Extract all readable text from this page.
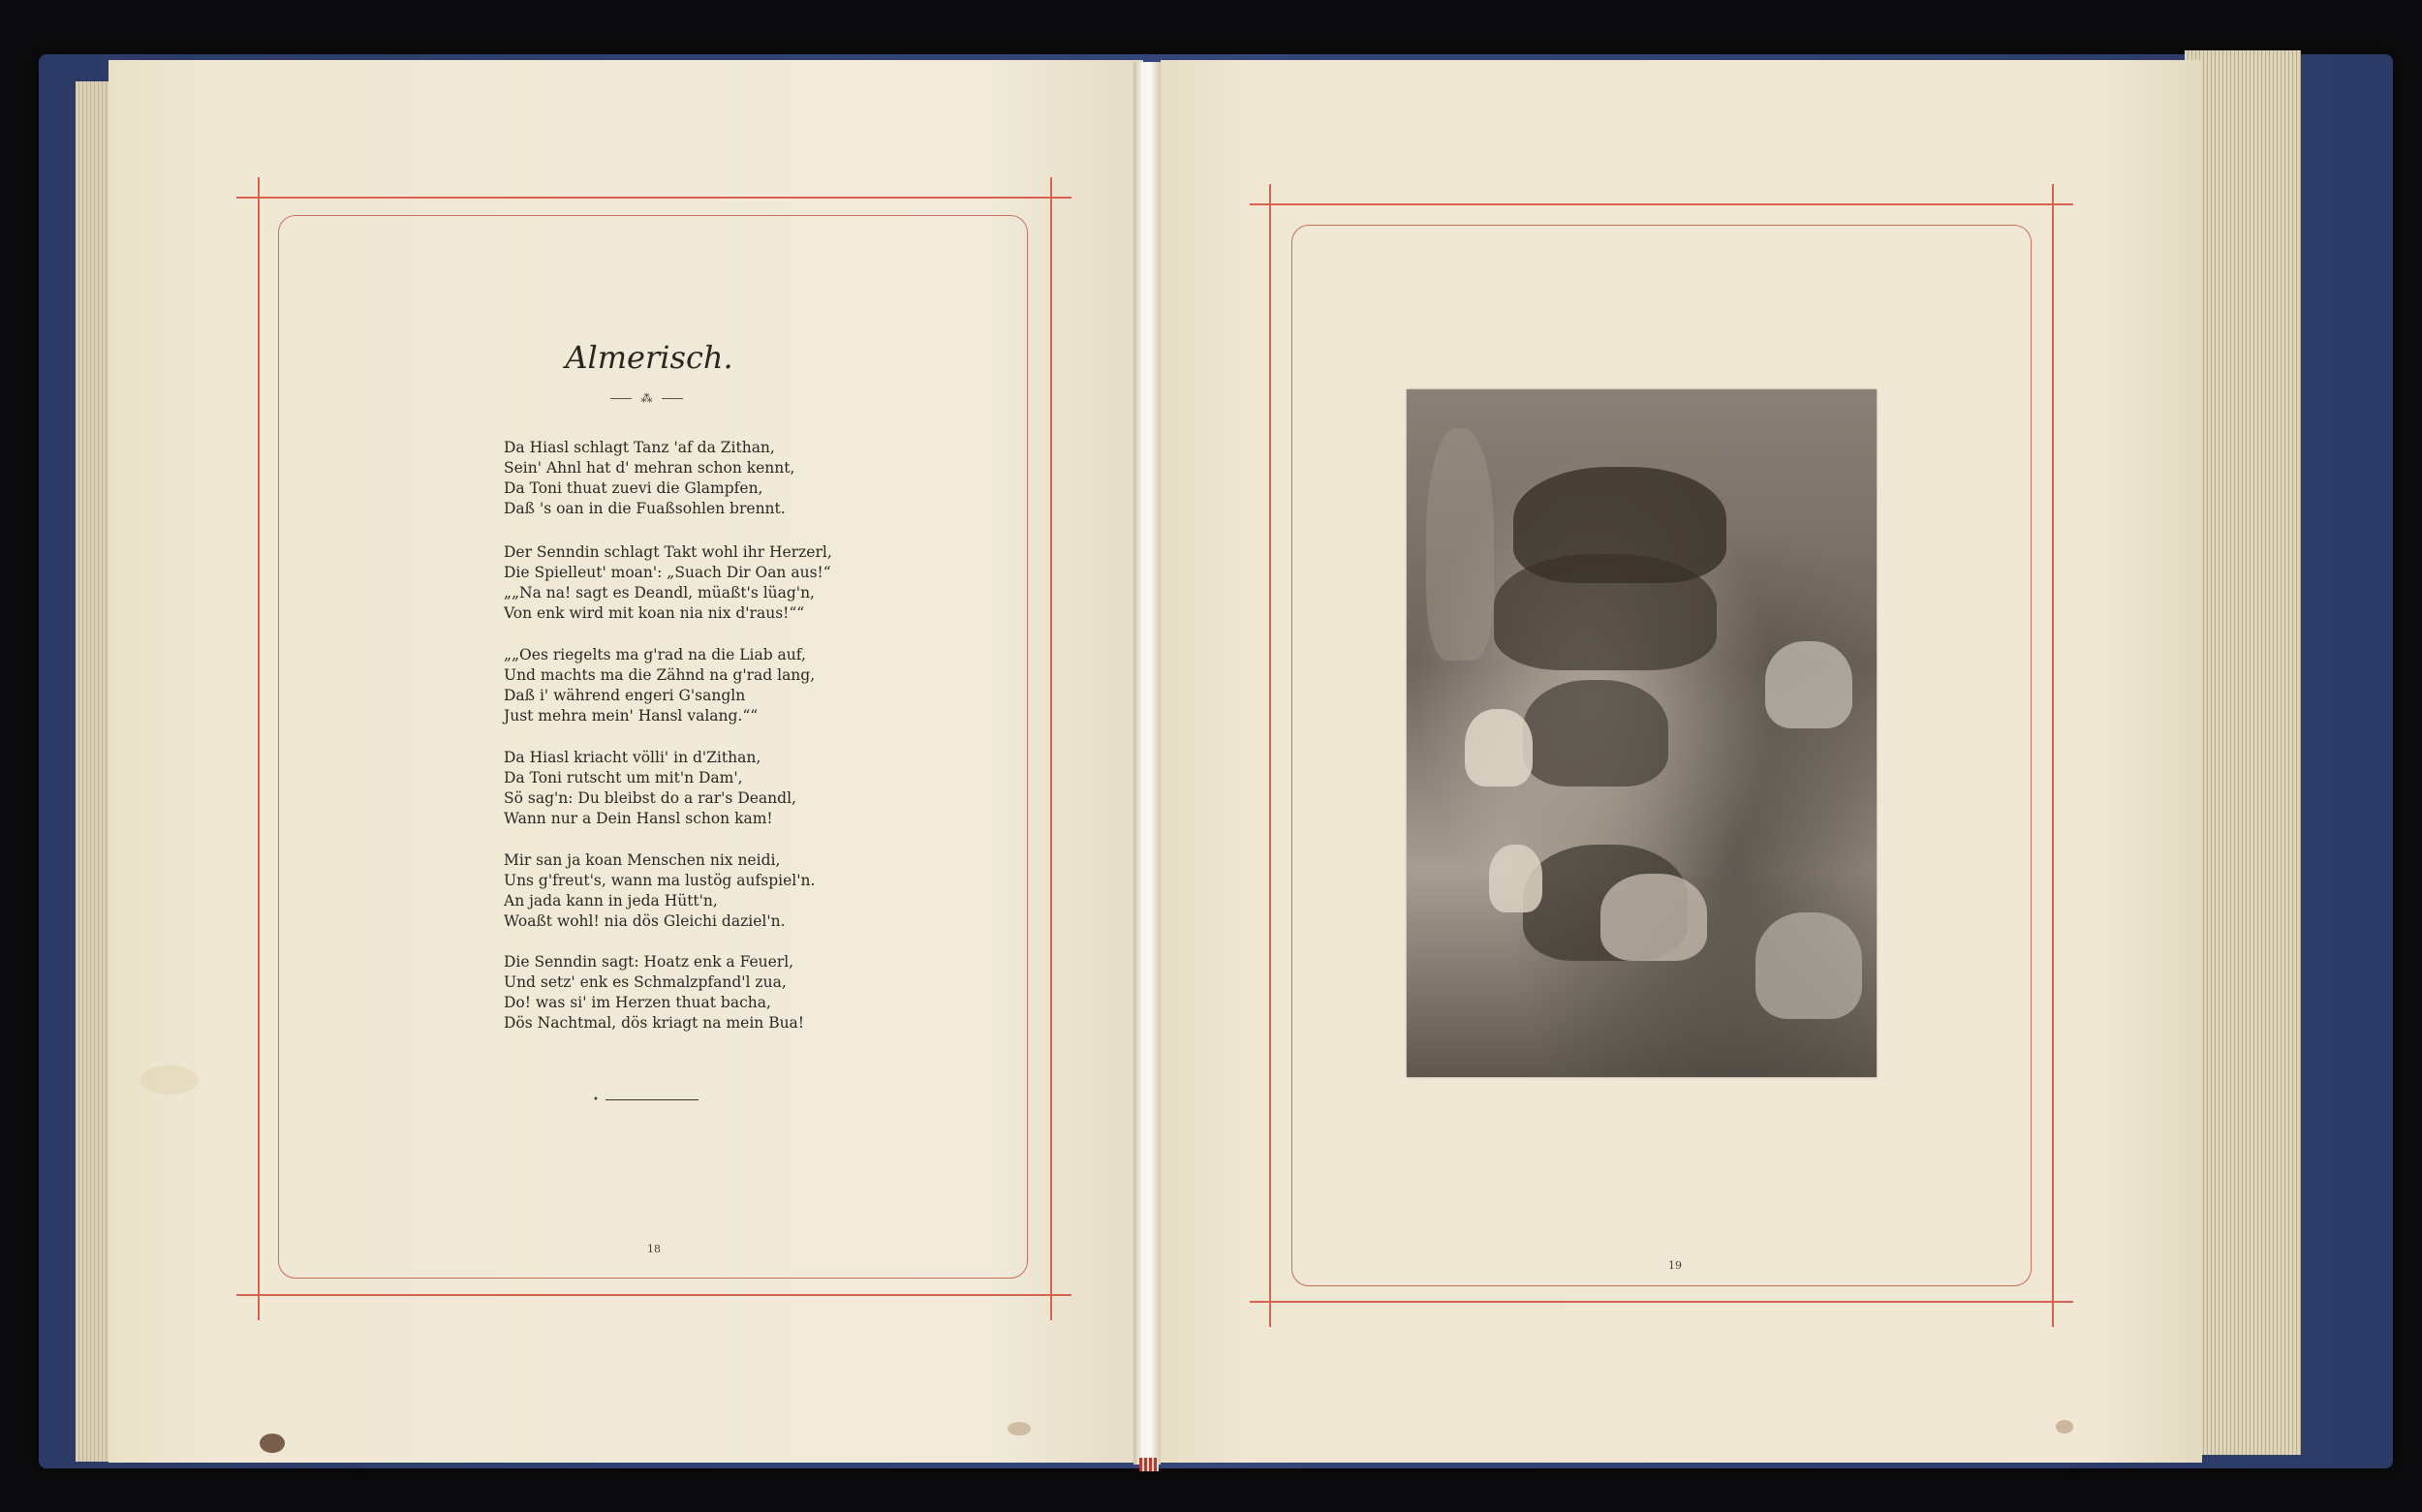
Almerisch.
⁂
Da Hiasl schlagt Tanz 'af da Zithan,
Sein' Ahnl hat d' mehran schon kennt,
Da Toni thuat zuevi die Glampfen,
Daß 's oan in die Fuaßsohlen brennt.
Der Senndin schlagt Takt wohl ihr Herzerl,
Die Spielleut' moan': „Suach Dir Oan aus!“
„„Na na! sagt es Deandl, müaßt's lüag'n,
Von enk wird mit koan nia nix d'raus!““
„„Oes riegelts ma g'rad na die Liab auf,
Und machts ma die Zähnd na g'rad lang,
Daß i' während engeri G'sangln
Just mehra mein' Hansl valang.““
Da Hiasl kriacht völli' in d'Zithan,
Da Toni rutscht um mit'n Dam',
Sö sag'n: Du bleibst do a rar's Deandl,
Wann nur a Dein Hansl schon kam!
Mir san ja koan Menschen nix neidi,
Uns g'freut's, wann ma lustög aufspiel'n.
An jada kann in jeda Hütt'n,
Woaßt wohl! nia dös Gleichi daziel'n.
Die Senndin sagt: Hoatz enk a Feuerl,
Und setz' enk es Schmalzpfand'l zua,
Do! was si' im Herzen thuat bacha,
Dös Nachtmal, dös kriagt na mein Bua!
•
18
19
